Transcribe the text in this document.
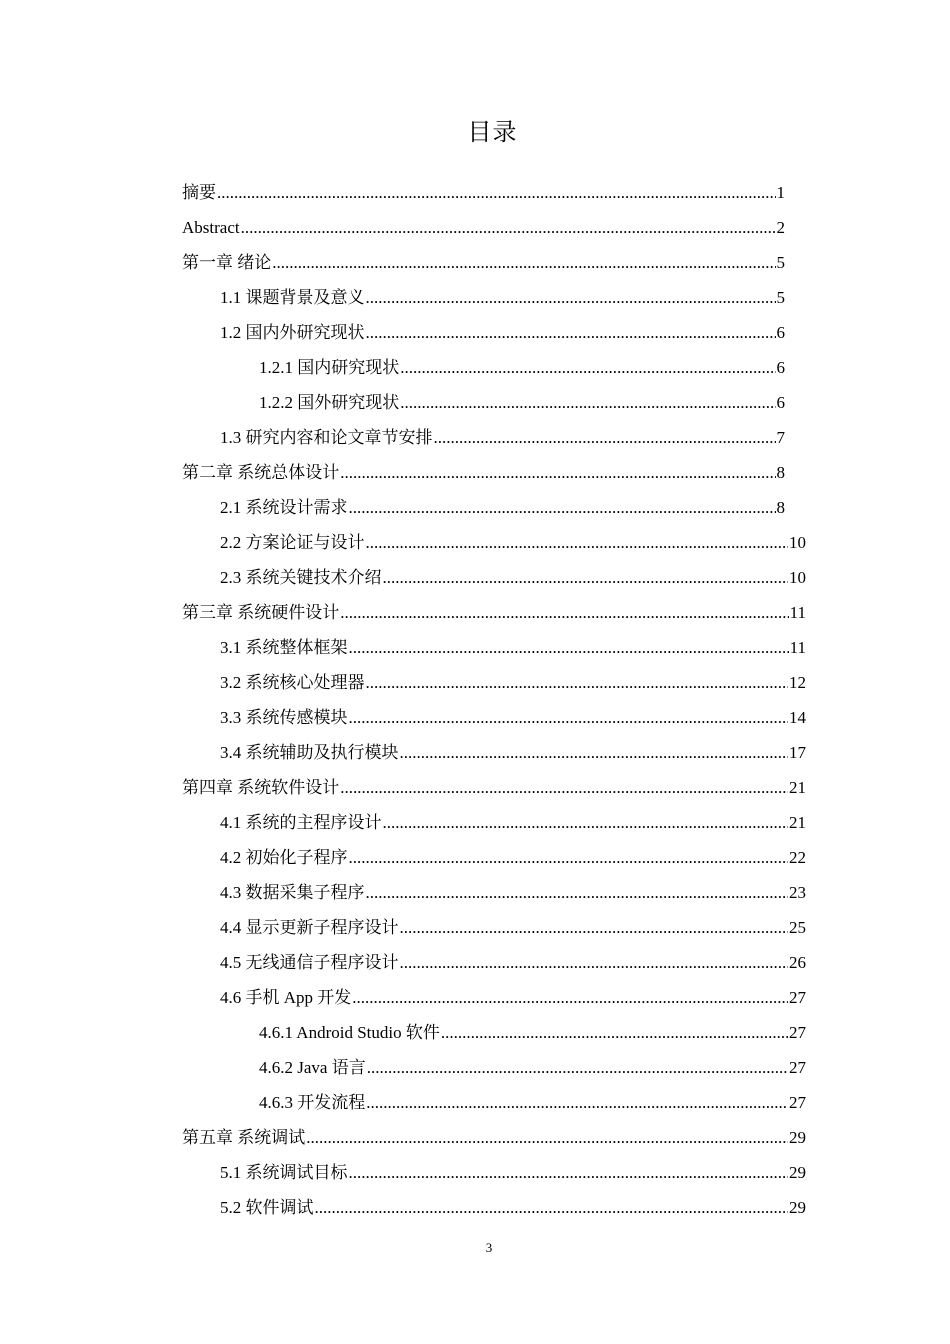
目录
摘要 .....	1
Abstract .....	2
第一章 绪论 .....	5
1.1 课题背景及意义 .....	5
1.2 国内外研究现状 .....	6
1.2.1 国内研究现状 .....	6
1.2.2 国外研究现状 .....	6
1.3 研究内容和论文章节安排 .....	7
第二章 系统总体设计 .....	8
2.1 系统设计需求 .....	8
2.2 方案论证与设计 .....	10
2.3 系统关键技术介绍 .....	10
第三章 系统硬件设计 .....	11
3.1 系统整体框架 .....	11
3.2 系统核心处理器 .....	12
3.3 系统传感模块 .....	14
3.4 系统辅助及执行模块 .....	17
第四章 系统软件设计 .....	21
4.1 系统的主程序设计 .....	21
4.2 初始化子程序 .....	22
4.3 数据采集子程序 .....	23
4.4 显示更新子程序设计 .....	25
4.5 无线通信子程序设计 .....	26
4.6 手机 App 开发 .....	27
4.6.1 Android Studio 软件 .....	27
4.6.2 Java 语言 .....	27
4.6.3 开发流程 .....	27
第五章 系统调试 .....	29
5.1 系统调试目标 .....	29
5.2 软件调试 .....	29
3
